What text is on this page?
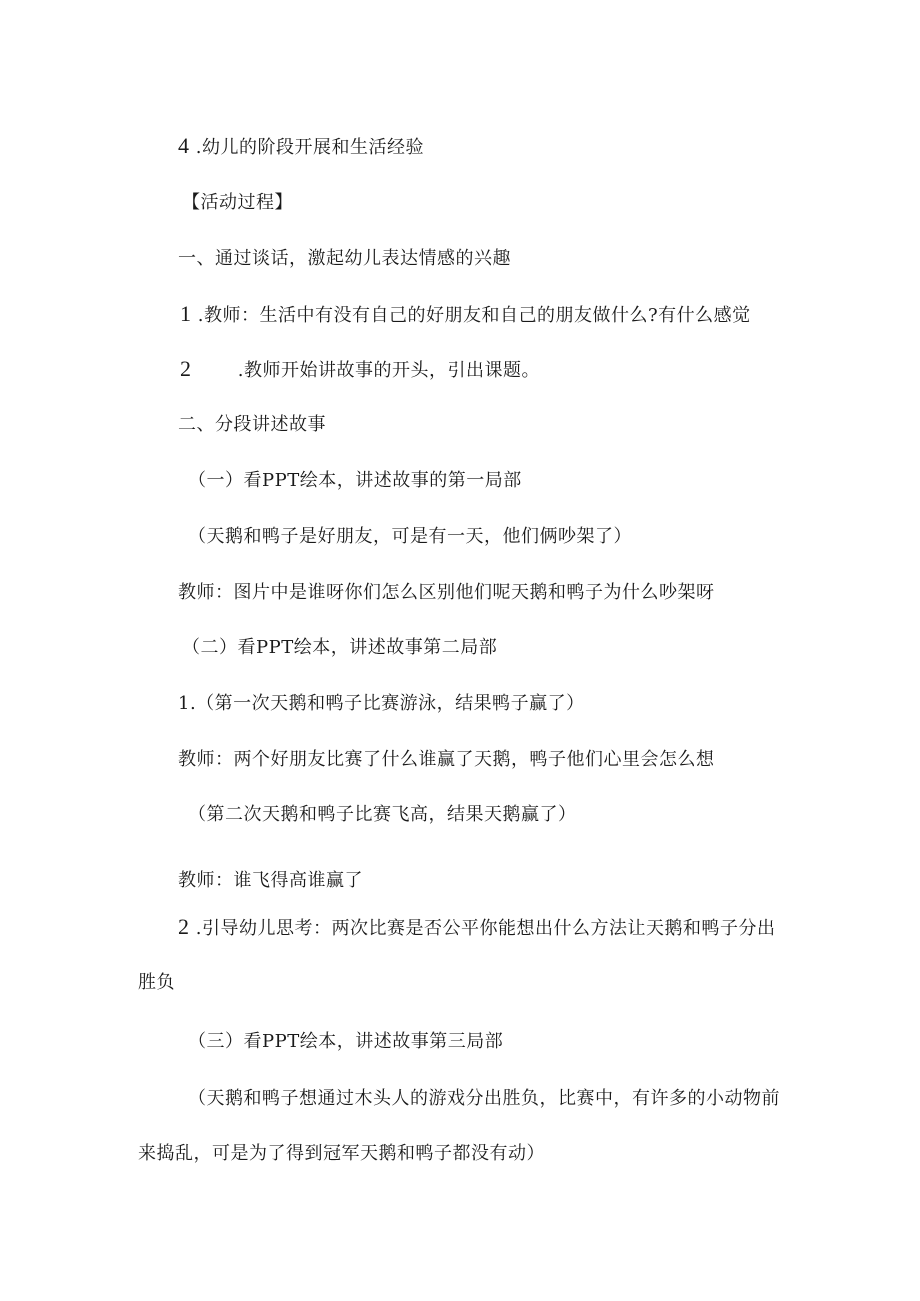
4 .幼儿的阶段开展和生活经验
【活动过程】
一、通过谈话，激起幼儿表达情感的兴趣
1 .教师：生活中有没有自己的好朋友和自己的朋友做什么?有什么感觉
2	.教师开始讲故事的开头，引出课题。
二、分段讲述故事
（一）看PPT绘本，讲述故事的第一局部
（天鹅和鸭子是好朋友，可是有一天，他们俩吵架了）
教师：图片中是谁呀你们怎么区别他们呢天鹅和鸭子为什么吵架呀
（二）看PPT绘本，讲述故事第二局部
1.（第一次天鹅和鸭子比赛游泳，结果鸭子赢了）
教师：两个好朋友比赛了什么谁赢了天鹅，鸭子他们心里会怎么想
（第二次天鹅和鸭子比赛飞高，结果天鹅赢了）
教师：谁飞得高谁赢了
2 .引导幼儿思考：两次比赛是否公平你能想出什么方法让天鹅和鸭子分出
胜负
（三）看PPT绘本，讲述故事第三局部
（天鹅和鸭子想通过木头人的游戏分出胜负，比赛中，有许多的小动物前
来捣乱，可是为了得到冠军天鹅和鸭子都没有动）
